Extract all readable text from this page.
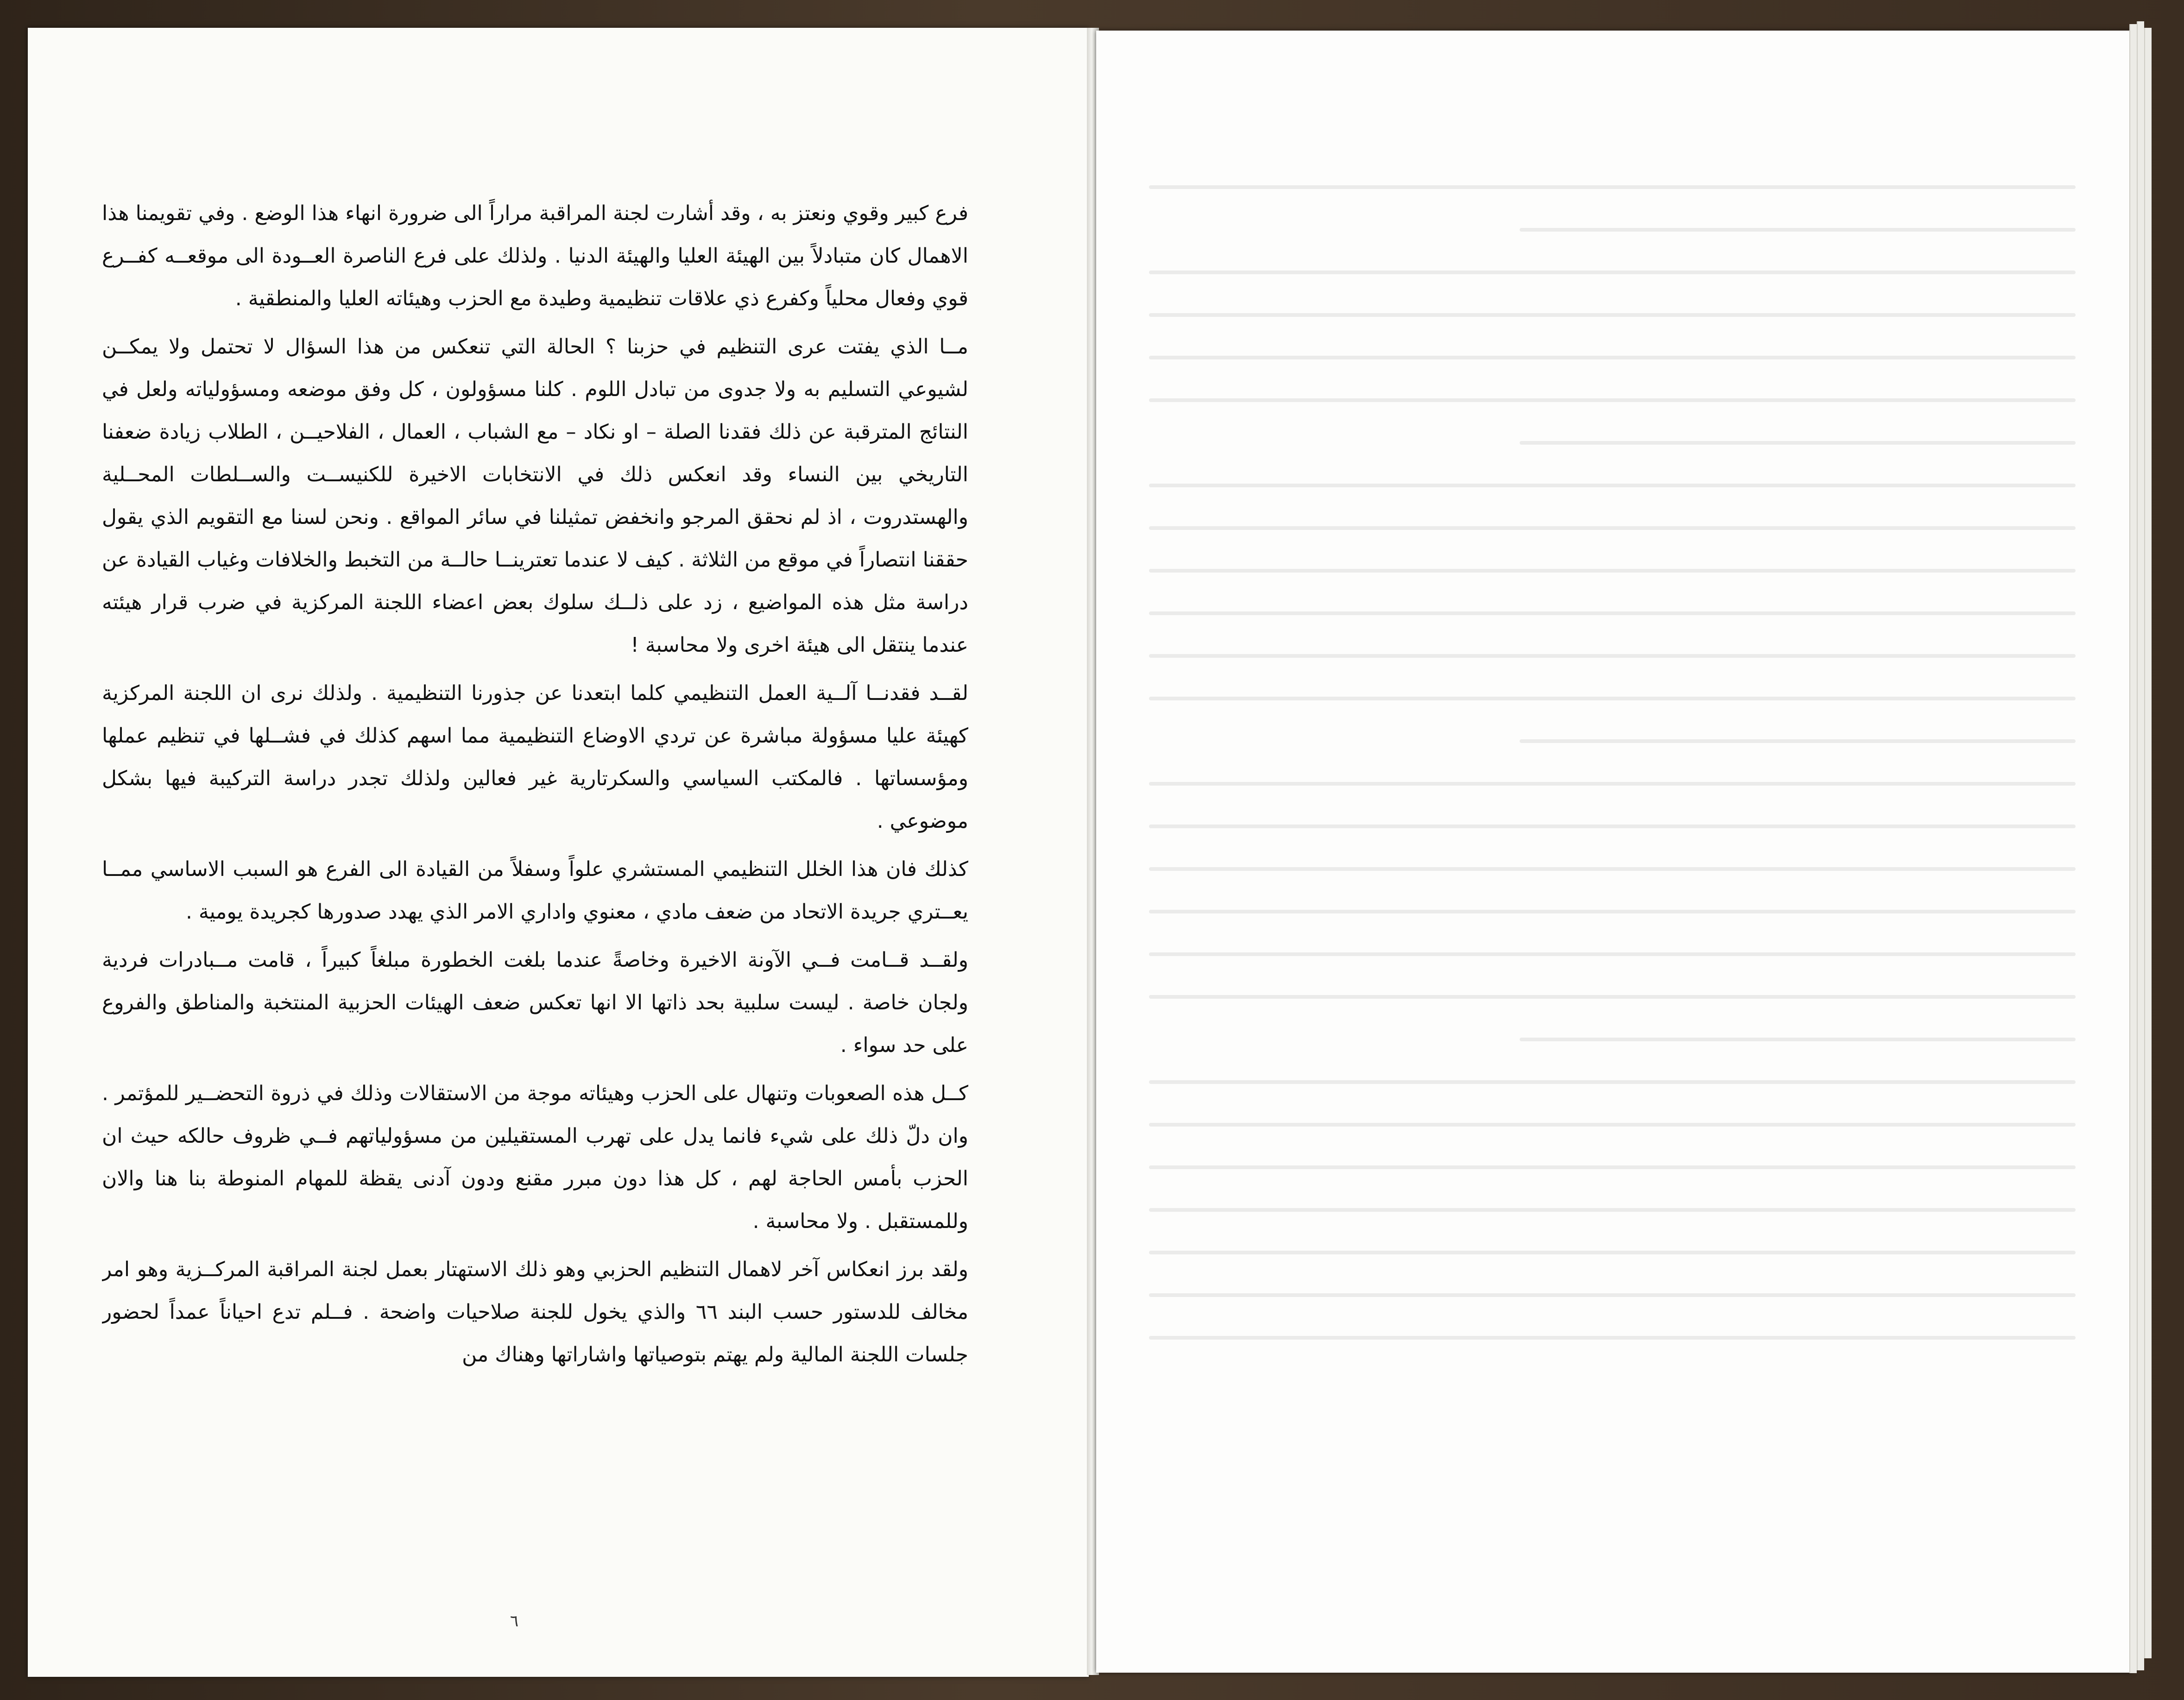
فرع كبير وقوي ونعتز به ، وقد أشارت لجنة المراقبة مراراً الى ضرورة انهاء هذا الوضع . وفي تقويمنا هذا الاهمال كان متبادلاً بين الهيئة العليا والهيئة الدنيا . ولذلك على فرع الناصرة العــودة الى موقعــه كفــرع قوي وفعال محلياً وكفرع ذي علاقات تنظيمية وطيدة مع الحزب وهيئاته العليا والمنطقية .

مــا الذي يفتت عرى التنظيم في حزبنا ؟ الحالة التي تنعكس من هذا السؤال لا تحتمل ولا يمكــن لشيوعي التسليم به ولا جدوى من تبادل اللوم . كلنا مسؤولون ، كل وفق موضعه ومسؤولياته ولعل في النتائج المترقبة عن ذلك فقدنا الصلة – او نكاد – مع الشباب ، العمال ، الفلاحيــن ، الطلاب زيادة ضعفنا التاريخي بين النساء وقد انعكس ذلك في الانتخابات الاخيرة للكنيســت والســلطات المحــلية والهستدروت ، اذ لم نحقق المرجو وانخفض تمثيلنا في سائر المواقع . ونحن لسنا مع التقويم الذي يقول حققنا انتصاراً في موقع من الثلاثة . كيف لا عندما تعترينــا حالــة من التخبط والخلافات وغياب القيادة عن دراسة مثل هذه المواضيع ، زد على ذلــك سلوك بعض اعضاء اللجنة المركزية في ضرب قرار هيئته عندما ينتقل الى هيئة اخرى ولا محاسبة !

لقــد فقدنــا آلــية العمل التنظيمي كلما ابتعدنا عن جذورنا التنظيمية . ولذلك نرى ان اللجنة المركزية كهيئة عليا مسؤولة مباشرة عن تردي الاوضاع التنظيمية مما اسهم كذلك في فشــلها في تنظيم عملها ومؤسساتها . فالمكتب السياسي والسكرتارية غير فعالين ولذلك تجدر دراسة التركيبة فيها بشكل موضوعي .

كذلك فان هذا الخلل التنظيمي المستشري علواً وسفلاً من القيادة الى الفرع هو السبب الاساسي ممــا يعــتري جريدة الاتحاد من ضعف مادي ، معنوي واداري الامر الذي يهدد صدورها كجريدة يومية .

ولقــد قــامت فــي الآونة الاخيرة وخاصةً عندما بلغت الخطورة مبلغاً كبيراً ، قامت مــبادرات فردية ولجان خاصة . ليست سلبية بحد ذاتها الا انها تعكس ضعف الهيئات الحزبية المنتخبة والمناطق والفروع على حد سواء .

كــل هذه الصعوبات وتنهال على الحزب وهيئاته موجة من الاستقالات وذلك في ذروة التحضــير للمؤتمر . وان دلّ ذلك على شيء فانما يدل على تهرب المستقيلين من مسؤولياتهم فــي ظروف حالكه حيث ان الحزب بأمس الحاجة لهم ، كل هذا دون مبرر مقنع ودون آدنى يقظة للمهام المنوطة بنا هنا والان وللمستقبل . ولا محاسبة .

ولقد برز انعكاس آخر لاهمال التنظيم الحزبي وهو ذلك الاستهتار بعمل لجنة المراقبة المركــزية وهو امر مخالف للدستور حسب البند ٦٦ والذي يخول للجنة صلاحيات واضحة . فــلم تدع احياناً عمداً لحضور جلسات اللجنة المالية ولم يهتم بتوصياتها واشاراتها وهناك من

٦
